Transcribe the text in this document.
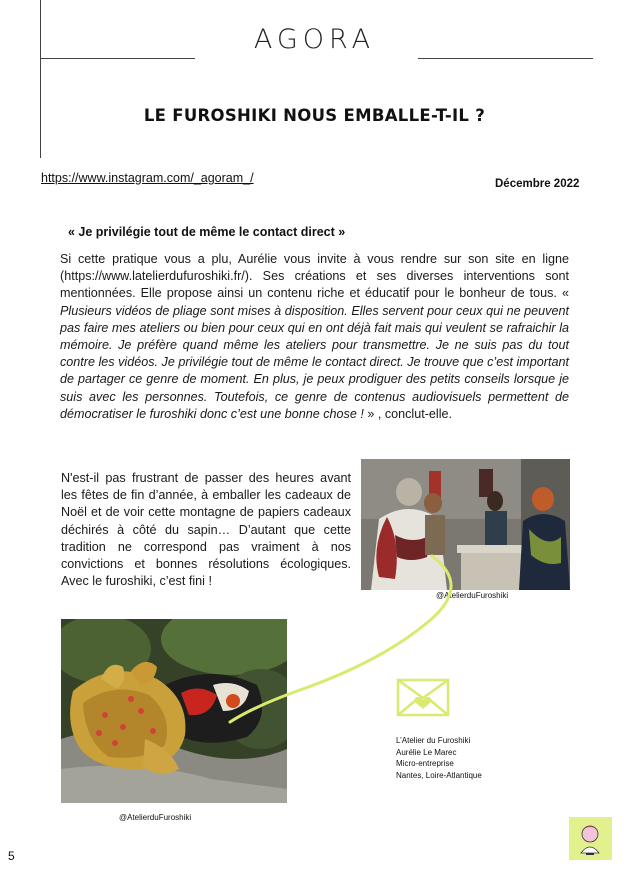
AGORA
LE FUROSHIKI NOUS EMBALLE-T-IL ?
https://www.instagram.com/_agoram_/	Décembre 2022
« Je privilégie tout de même le contact direct »
Si cette pratique vous a plu, Aurélie vous invite à vous rendre sur son site en ligne (https://www.latelierdufuroshiki.fr/). Ses créations et ses diverses interventions sont mentionnées. Elle propose ainsi un contenu riche et éducatif pour le bonheur de tous. « Plusieurs vidéos de pliage sont mises à disposition. Elles servent pour ceux qui ne peuvent pas faire mes ateliers ou bien pour ceux qui en ont déjà fait mais qui veulent se rafraichir la mémoire. Je préfère quand même les ateliers pour transmettre. Je ne suis pas du tout contre les vidéos. Je privilégie tout de même le contact direct. Je trouve que c’est important de partager ce genre de moment. En plus, je peux prodiguer des petits conseils lorsque je suis avec les personnes. Toutefois, ce genre de contenus audiovisuels permettent de démocratiser le furoshiki donc c’est une bonne chose ! » , conclut-elle.
N'est-il pas frustrant de passer des heures avant les fêtes de fin d’année, à emballer les cadeaux de Noël et de voir cette montagne de papiers cadeaux déchirés à côté du sapin… D’autant que cette tradition ne correspond pas vraiment à nos convictions et bonnes résolutions écologiques. Avec le furoshiki, c’est fini !
@AtelierduFuroshiki
@AtelierduFuroshiki
L’Atelier du Furoshiki
Aurélie Le Marec
Micro-entreprise
Nantes, Loire-Atlantique
5
